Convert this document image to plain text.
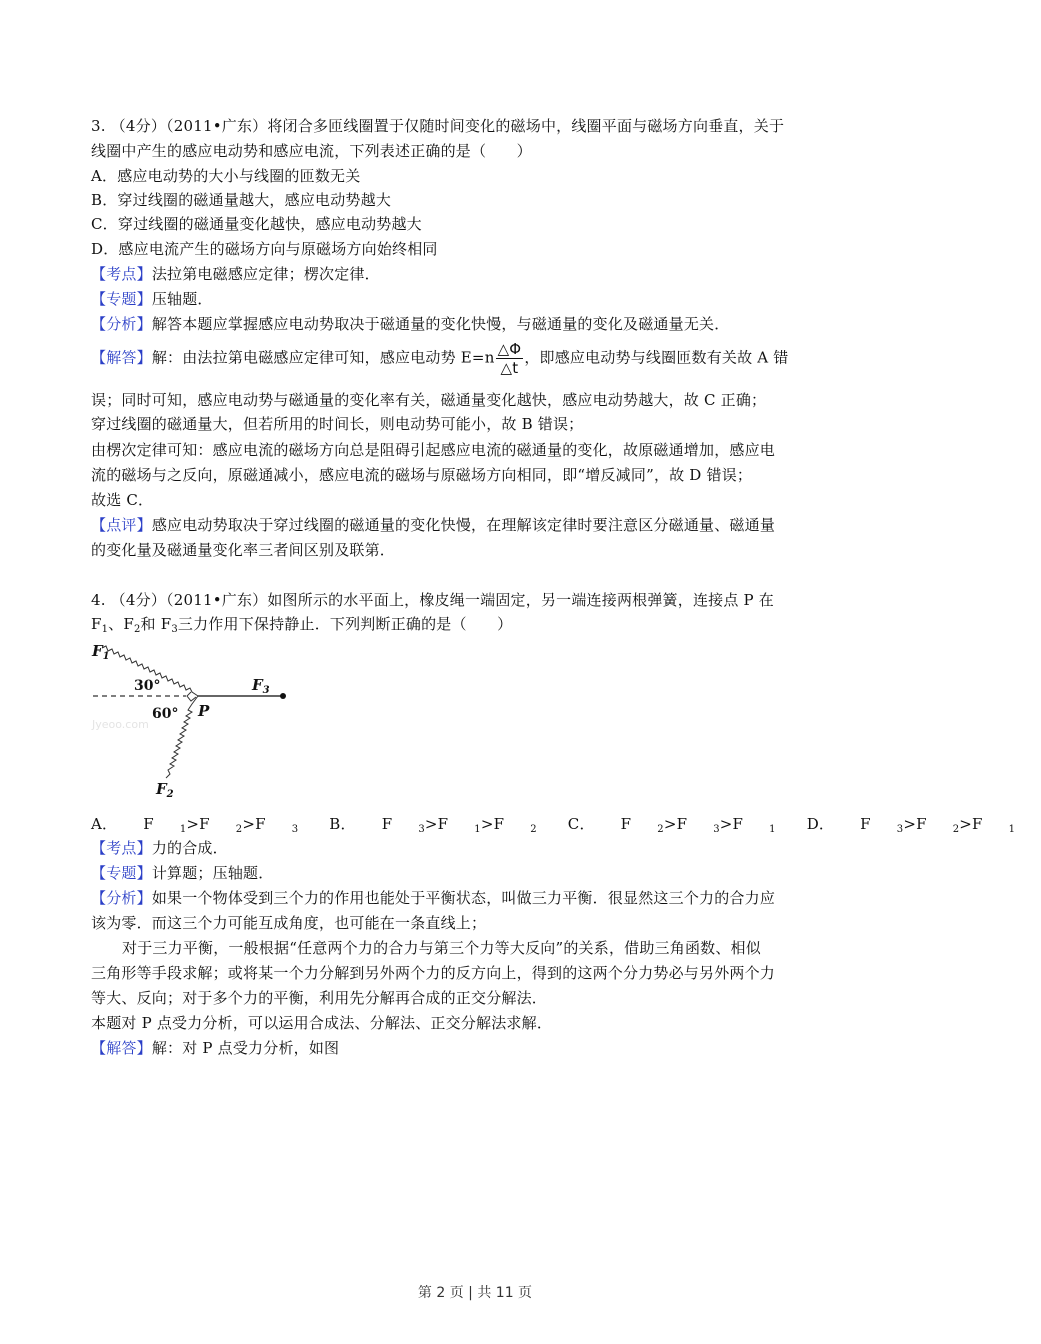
3. （4分）（2011•广东）将闭合多匝线圈置于仅随时间变化的磁场中，线圈平面与磁场方向垂直，关于
线圈中产生的感应电动势和感应电流，下列表述正确的是（　　）
A．感应电动势的大小与线圈的匝数无关
B．穿过线圈的磁通量越大，感应电动势越大
C．穿过线圈的磁通量变化越快，感应电动势越大
D．感应电流产生的磁场方向与原磁场方向始终相同
【考点】法拉第电磁感应定律；楞次定律．
【专题】压轴题．
【分析】解答本题应掌握感应电动势取决于磁通量的变化快慢，与磁通量的变化及磁通量无关．
【解答】解：由法拉第电磁感应定律可知，感应电动势 $E=n \frac{\triangle\Phi}{\triangle t}$ ，即感应电动势与线圈匝数有关故 A 错
误；同时可知，感应电动势与磁通量的变化率有关，磁通量变化越快，感应电动势越大，故 C 正确；
穿过线圈的磁通量大，但若所用的时间长，则电动势可能小，故 B 错误；
由楞次定律可知：感应电流的磁场方向总是阻碍引起感应电流的磁通量的变化，故原磁通增加，感应电
流的磁场与之反向，原磁通减小，感应电流的磁场与原磁场方向相同，即“增反减同”，故 D 错误；
故选 C．
【点评】感应电动势取决于穿过线圈的磁通量的变化快慢，在理解该定律时要注意区分磁通量、磁通量
的变化量及磁通量变化率三者间区别及联第．
4. （4分）（2011•广东）如图所示的水平面上，橡皮绳一端固定，另一端连接两根弹簧，连接点 P 在
$F_1$、$F_2$和 $F_3$三力作用下保持静止．下列判断正确的是（　　）
$F_1$
30°
60° P
$F_3$
$F_2$
Jyeoo.com
A． F	$_1$>F	$_2$>F	$_3$ B． F	$_3$>F	$_1$>F	$_2$ C． F	$_2$>F	$_3$>F	$_1$ D． F	$_3$>F	$_2$>F	$_1$
【考点】力的合成．
【专题】计算题；压轴题．
【分析】如果一个物体受到三个力的作用也能处于平衡状态，叫做三力平衡．很显然这三个力的合力应
该为零．而这三个力可能互成角度，也可能在一条直线上；
对于三力平衡，一般根据“任意两个力的合力与第三个力等大反向”的关系，借助三角函数、相似
三角形等手段求解；或将某一个力分解到另外两个力的反方向上，得到的这两个分力势必与另外两个力
等大、反向；对于多个力的平衡，利用先分解再合成的正交分解法．
本题对 P 点受力分析，可以运用合成法、分解法、正交分解法求解．
【解答】解：对 P 点受力分析，如图
第 2 页 | 共 11 页
